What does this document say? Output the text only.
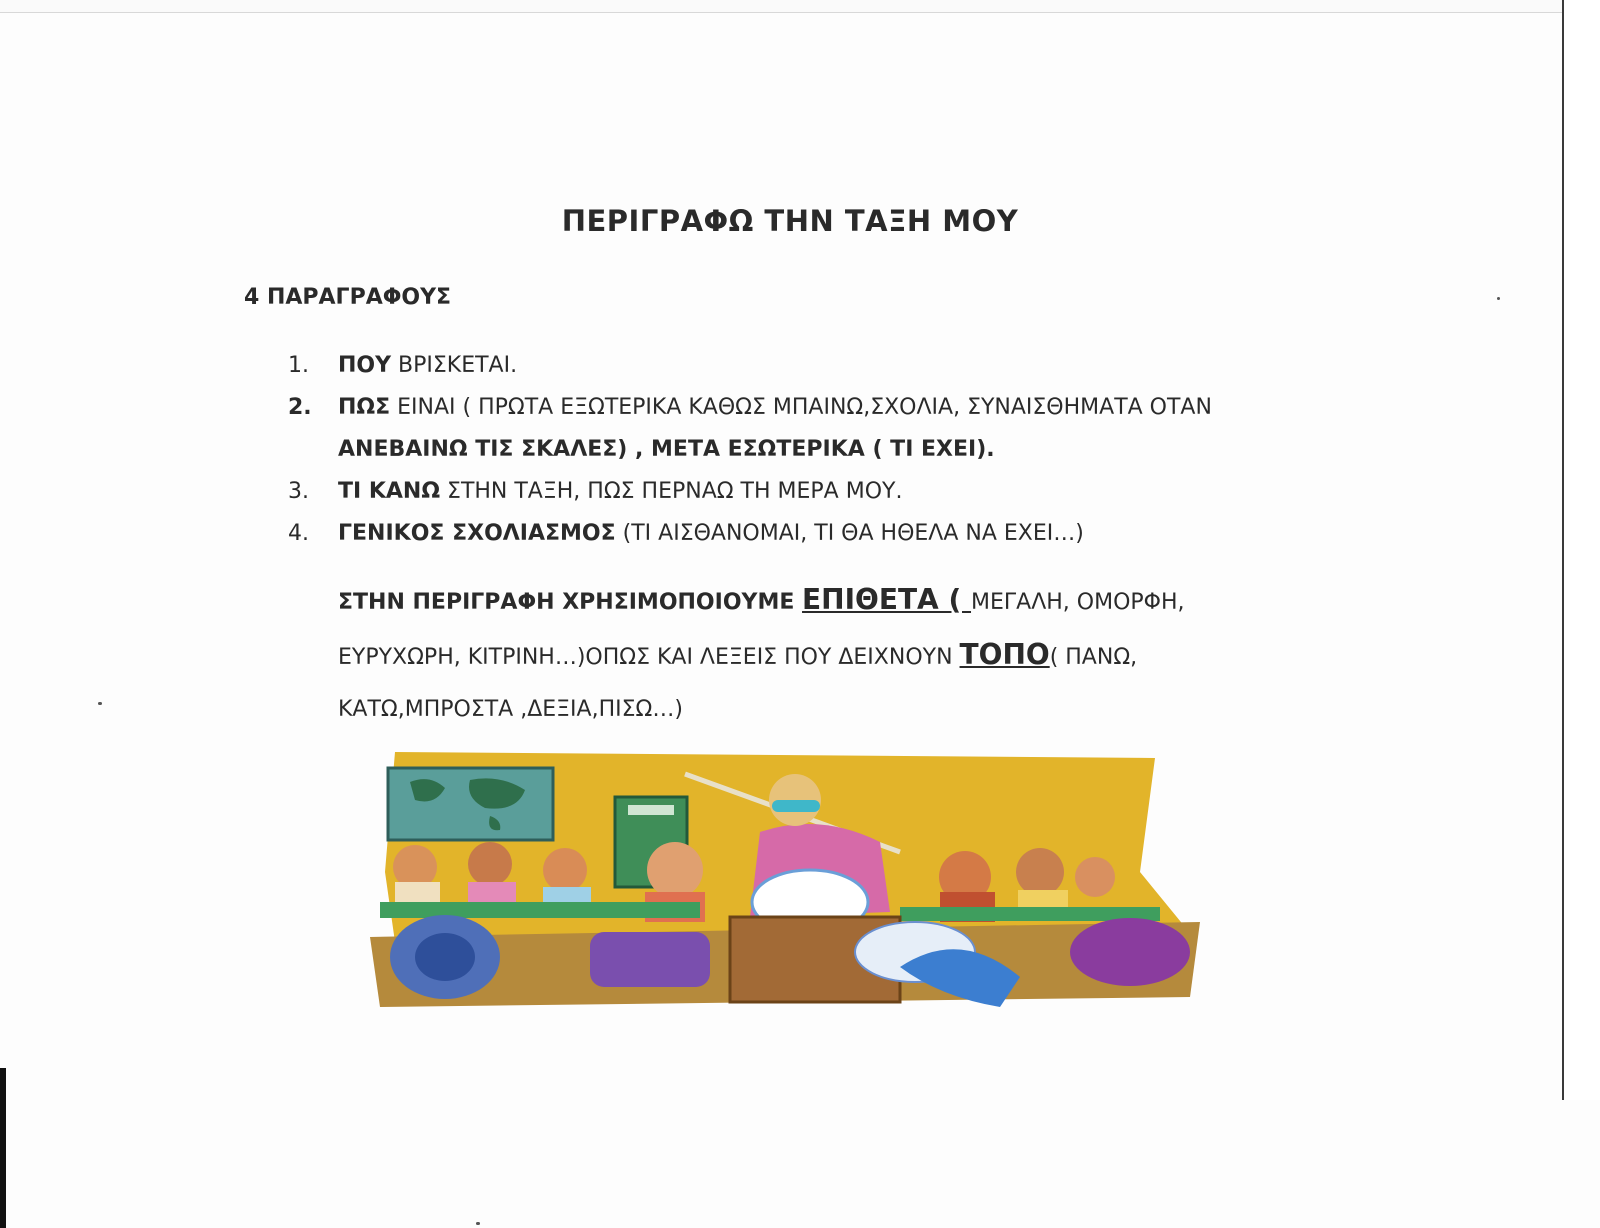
ΠΕΡΙΓΡΑΦΩ ΤΗΝ ΤΑΞΗ ΜΟΥ
4 ΠΑΡΑΓΡΑΦΟΥΣ
1.	ΠΟΥ ΒΡΙΣΚΕΤΑΙ.
2.	ΠΩΣ ΕΙΝΑΙ ( ΠΡΩΤΑ ΕΞΩΤΕΡΙΚΑ ΚΑΘΩΣ ΜΠΑΙΝΩ,ΣΧΟΛΙΑ, ΣΥΝΑΙΣΘΗΜΑΤΑ ΟΤΑΝ ΑΝΕΒΑΙΝΩ ΤΙΣ ΣΚΑΛΕΣ) , ΜΕΤΑ ΕΣΩΤΕΡΙΚΑ ( ΤΙ ΕΧΕΙ).
3.	ΤΙ ΚΑΝΩ ΣΤΗΝ ΤΑΞΗ, ΠΩΣ ΠΕΡΝΑΩ ΤΗ ΜΕΡΑ ΜΟΥ.
4.	ΓΕΝΙΚΟΣ ΣΧΟΛΙΑΣΜΟΣ (ΤΙ ΑΙΣΘΑΝΟΜΑΙ, ΤΙ ΘΑ ΗΘΕΛΑ ΝΑ ΕΧΕΙ…)
ΣΤΗΝ ΠΕΡΙΓΡΑΦΗ ΧΡΗΣΙΜΟΠΟΙΟΥΜΕ ΕΠΙΘΕΤΑ ( ΜΕΓΑΛΗ, ΟΜΟΡΦΗ, ΕΥΡΥΧΩΡΗ, ΚΙΤΡΙΝΗ…)ΟΠΩΣ ΚΑΙ ΛΕΞΕΙΣ ΠΟΥ ΔΕΙΧΝΟΥΝ ΤΟΠΟ( ΠΑΝΩ, ΚΑΤΩ,ΜΠΡΟΣΤΑ ,ΔΕΞΙΑ,ΠΙΣΩ…)
